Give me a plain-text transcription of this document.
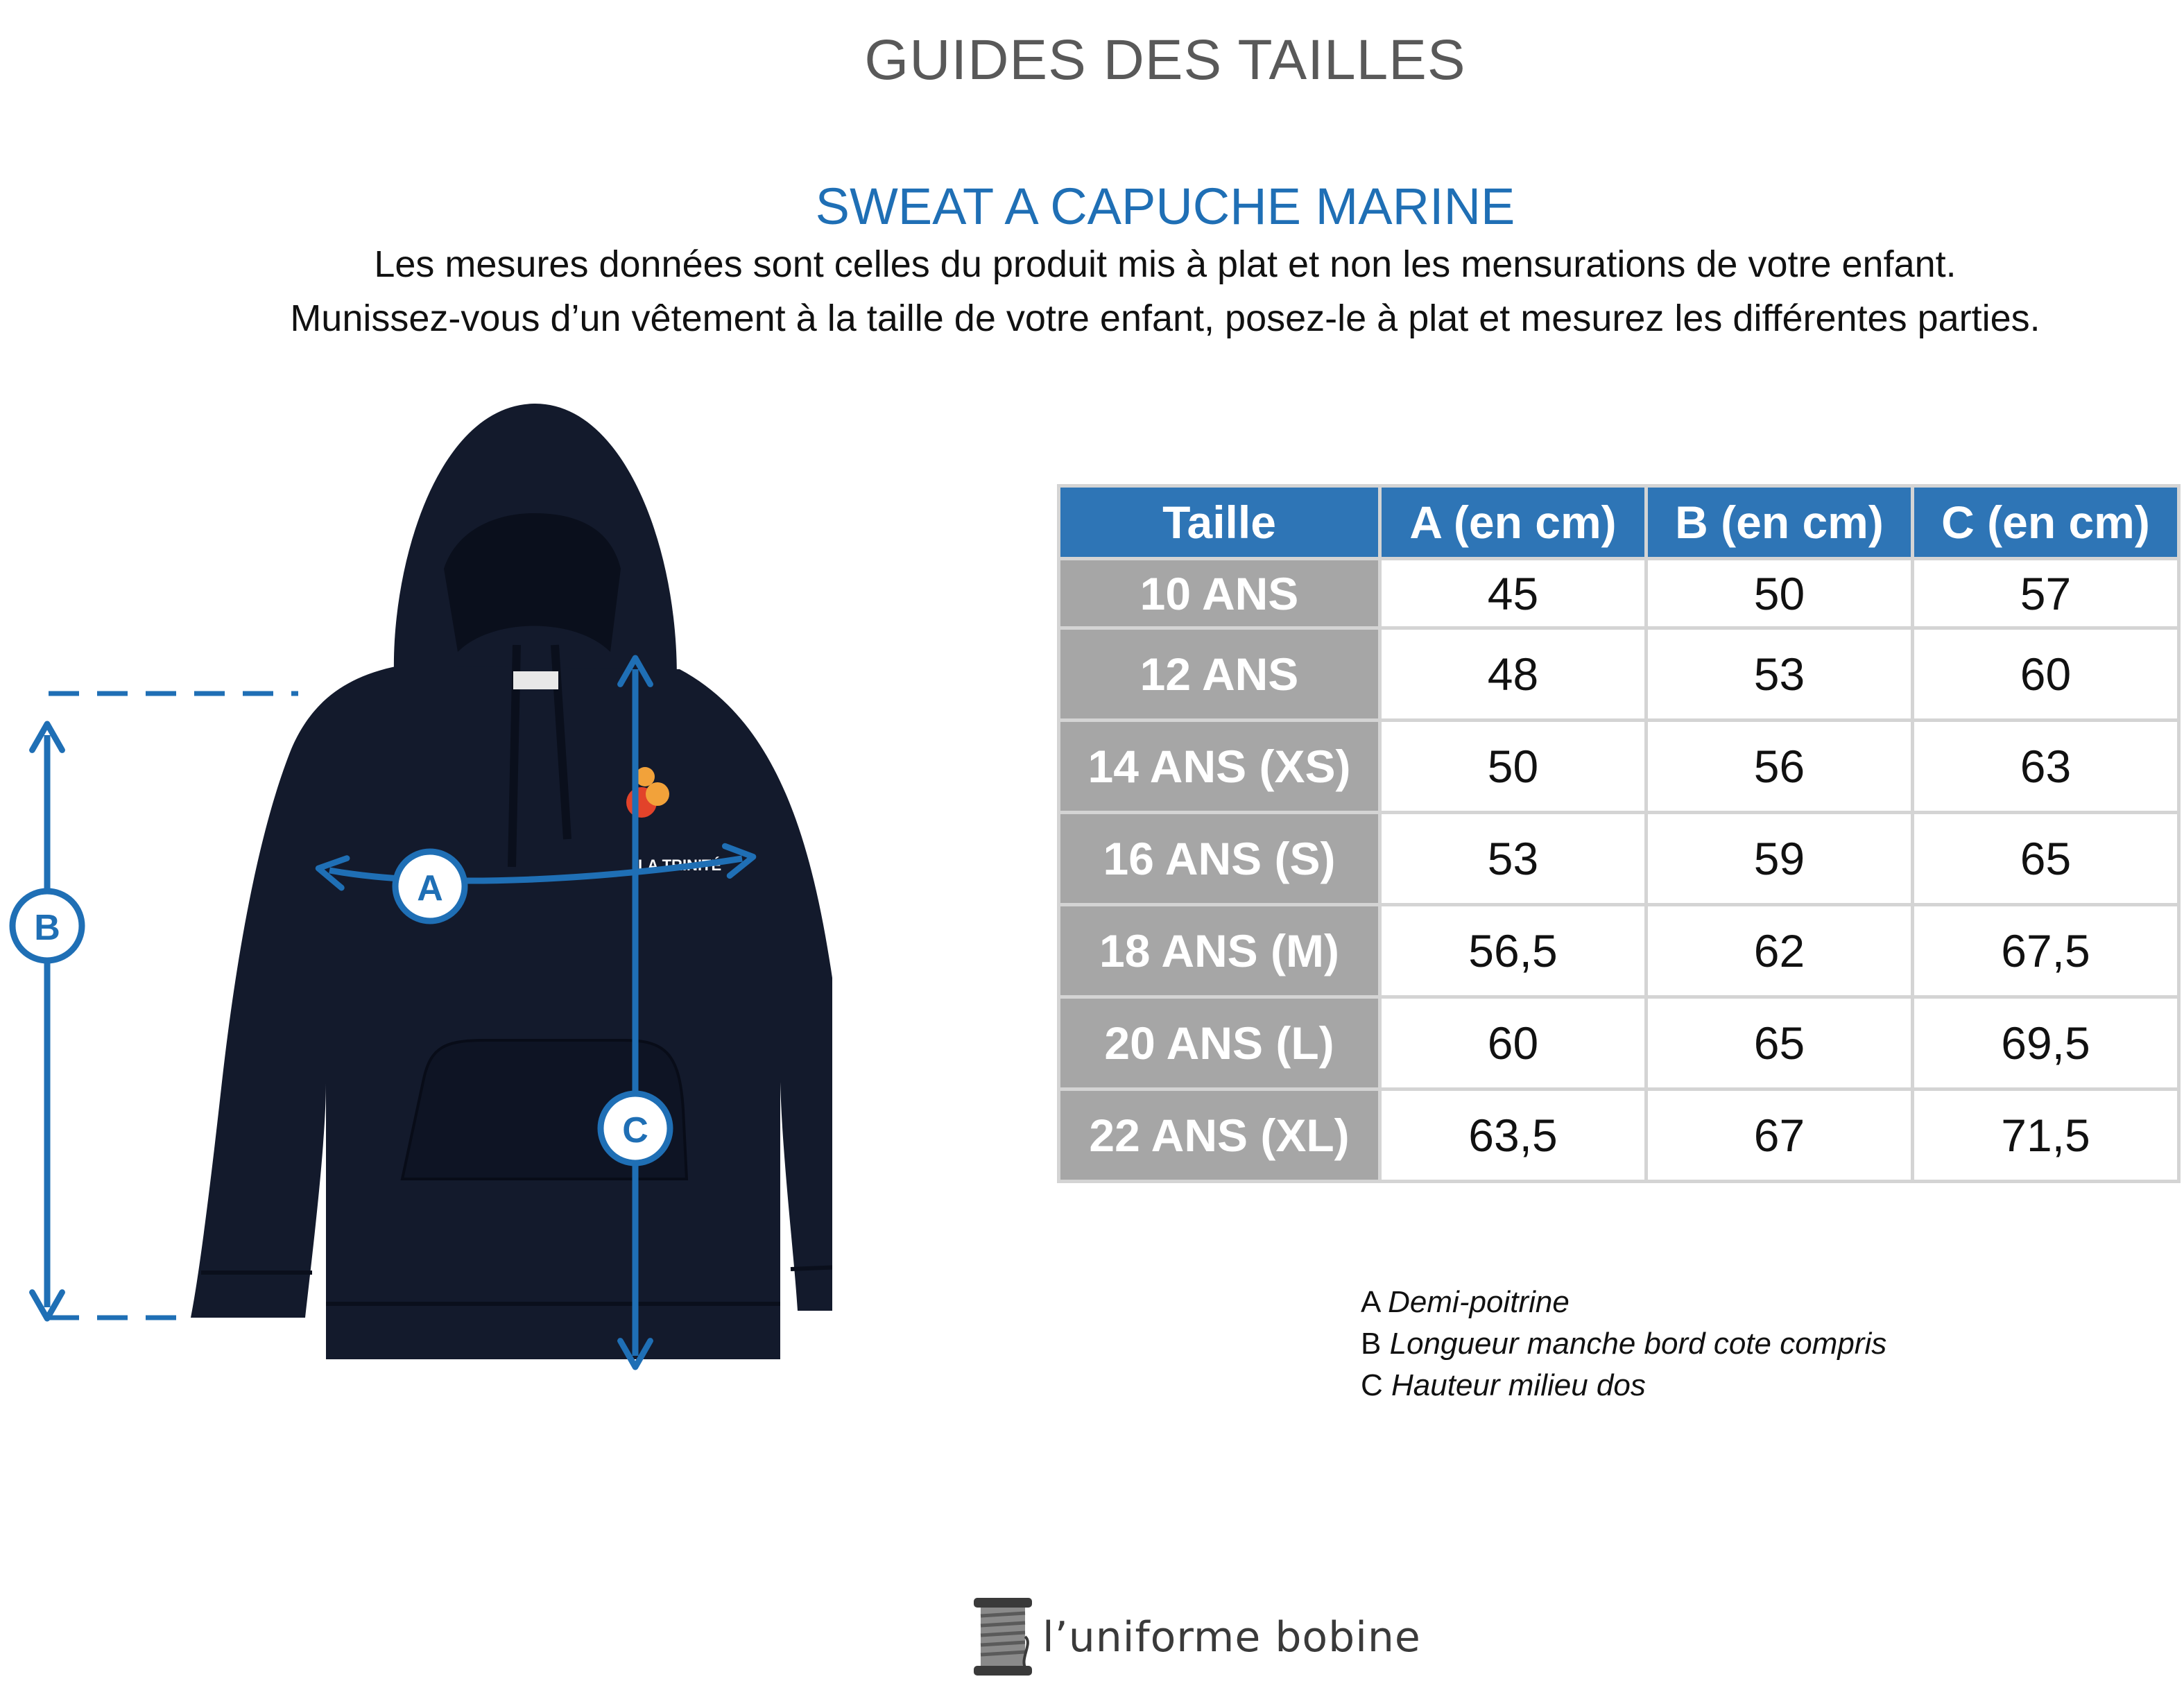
GUIDES DES TAILLES
SWEAT A CAPUCHE MARINE
Les mesures données sont celles du produit mis à plat et non les mensurations de votre enfant.
Munissez-vous d’un vêtement à la taille de votre enfant, posez-le à plat et mesurez les différentes parties.
LA TRINITÉ
B
A
C
Taille	A (en cm)	B (en cm)	C (en cm)
10 ANS	45	50	57
12 ANS	48	53	60
14 ANS (XS)	50	56	63
16 ANS (S)	53	59	65
18 ANS (M)	56,5	62	67,5
20 ANS (L)	60	65	69,5
22 ANS (XL)	63,5	67	71,5
A Demi-poitrine
B Longueur manche bord cote compris
C Hauteur milieu dos
l’uniforme bobine
